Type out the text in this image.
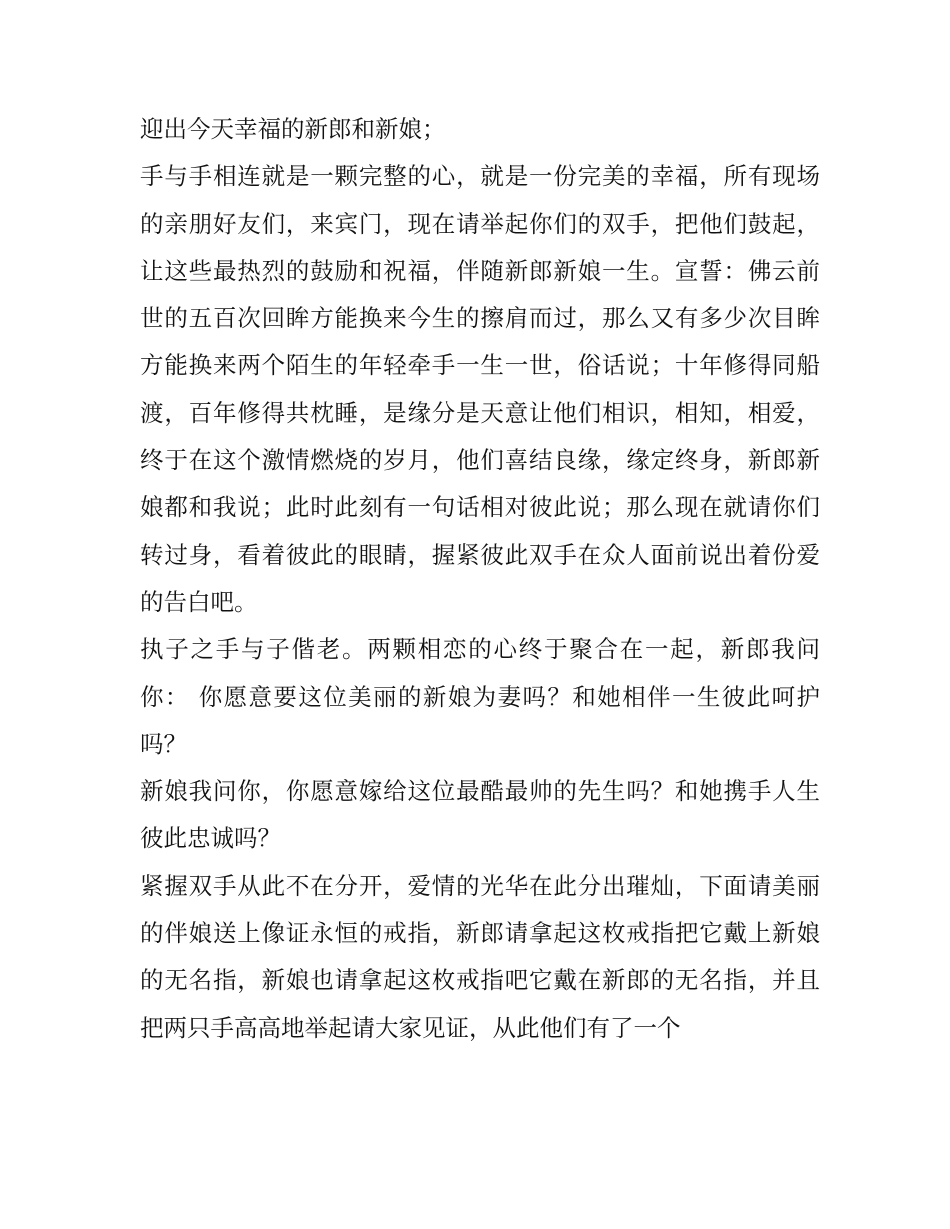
迎出今天幸福的新郎和新娘；

手与手相连就是一颗完整的心，就是一份完美的幸福，所有现场的亲朋好友们，来宾门，现在请举起你们的双手，把他们鼓起，让这些最热烈的鼓励和祝福，伴随新郎新娘一生。宣誓：佛云前世的五百次回眸方能换来今生的擦肩而过，那么又有多少次目眸方能换来两个陌生的年轻牵手一生一世，俗话说；十年修得同船渡，百年修得共枕睡，是缘分是天意让他们相识，相知，相爱，终于在这个激情燃烧的岁月，他们喜结良缘，缘定终身，新郎新娘都和我说；此时此刻有一句话相对彼此说；那么现在就请你们转过身，看着彼此的眼睛，握紧彼此双手在众人面前说出着份爱的告白吧。

执子之手与子偕老。两颗相恋的心终于聚合在一起，新郎我问你： 你愿意要这位美丽的新娘为妻吗？和她相伴一生彼此呵护吗？

新娘我问你，你愿意嫁给这位最酷最帅的先生吗？和她携手人生彼此忠诚吗？

紧握双手从此不在分开，爱情的光华在此分出璀灿，下面请美丽的伴娘送上像证永恒的戒指，新郎请拿起这枚戒指把它戴上新娘的无名指，新娘也请拿起这枚戒指吧它戴在新郎的无名指，并且把两只手高高地举起请大家见证，从此他们有了一个
